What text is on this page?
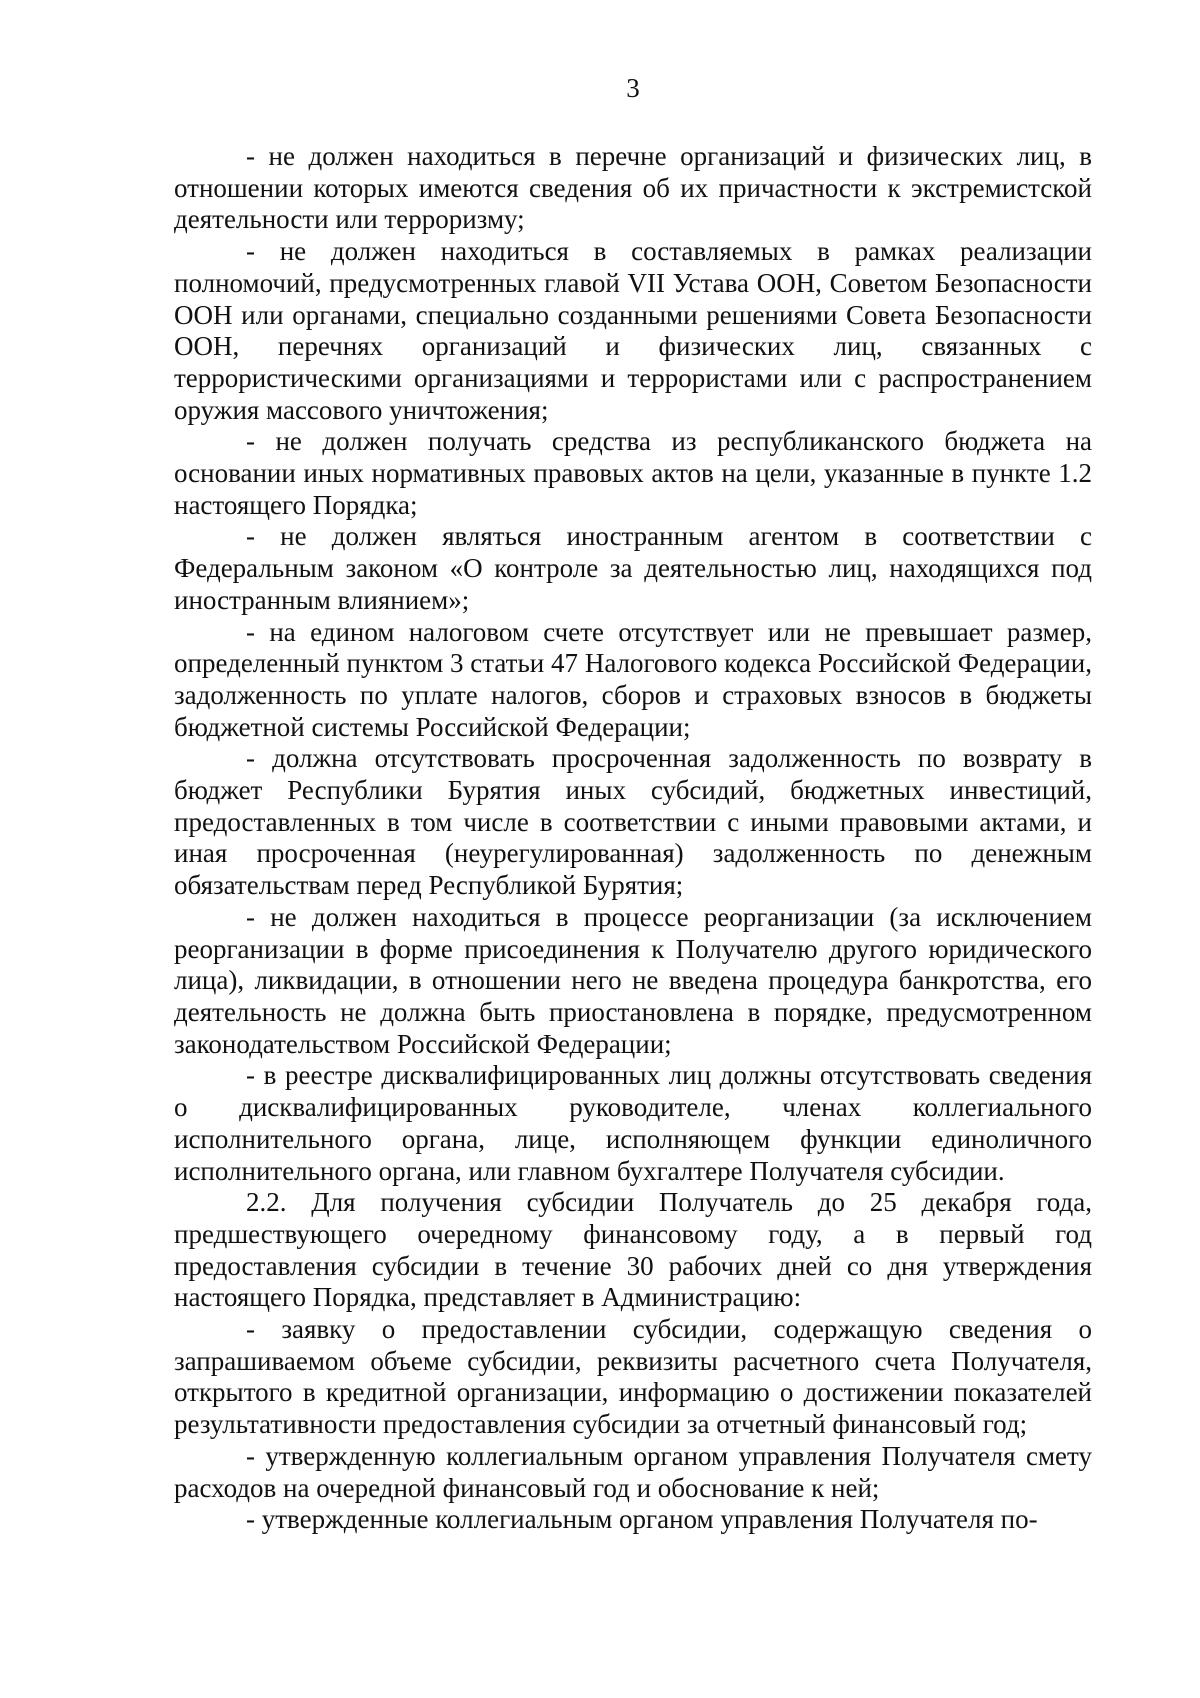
3

- не должен находиться в перечне организаций и физических лиц, в отношении которых имеются сведения об их причастности к экстремистской деятельности или терроризму;

- не должен находиться в составляемых в рамках реализации полномочий, предусмотренных главой VII Устава ООН, Советом Безопасности ООН или органами, специально созданными решениями Совета Безопасности ООН, перечнях организаций и физических лиц, связанных с террористическими организациями и террористами или с распространением оружия массового уничтожения;

- не должен получать средства из республиканского бюджета на основании иных нормативных правовых актов на цели, указанные в пункте 1.2 настоящего Порядка;

- не должен являться иностранным агентом в соответствии с Федеральным законом «О контроле за деятельностью лиц, находящихся под иностранным влиянием»;

- на едином налоговом счете отсутствует или не превышает размер, определенный пунктом 3 статьи 47 Налогового кодекса Российской Федерации, задолженность по уплате налогов, сборов и страховых взносов в бюджеты бюджетной системы Российской Федерации;

- должна отсутствовать просроченная задолженность по возврату в бюджет Республики Бурятия иных субсидий, бюджетных инвестиций, предоставленных в том числе в соответствии с иными правовыми актами, и иная просроченная (неурегулированная) задолженность по денежным обязательствам перед Республикой Бурятия;

- не должен находиться в процессе реорганизации (за исключением реорганизации в форме присоединения к Получателю другого юридического лица), ликвидации, в отношении него не введена процедура банкротства, его деятельность не должна быть приостановлена в порядке, предусмотренном законодательством Российской Федерации;

- в реестре дисквалифицированных лиц должны отсутствовать сведения о дисквалифицированных руководителе, членах коллегиального исполнительного органа, лице, исполняющем функции единоличного исполнительного органа, или главном бухгалтере Получателя субсидии.

2.2. Для получения субсидии Получатель до 25 декабря года, предшествующего очередному финансовому году, а в первый год предоставления субсидии в течение 30 рабочих дней со дня утверждения настоящего Порядка, представляет в Администрацию:

- заявку о предоставлении субсидии, содержащую сведения о запрашиваемом объеме субсидии, реквизиты расчетного счета Получателя, открытого в кредитной организации, информацию о достижении показателей результативности предоставления субсидии за отчетный финансовый год;

- утвержденную коллегиальным органом управления Получателя смету расходов на очередной финансовый год и обоснование к ней;

- утвержденные коллегиальным органом управления Получателя по-
